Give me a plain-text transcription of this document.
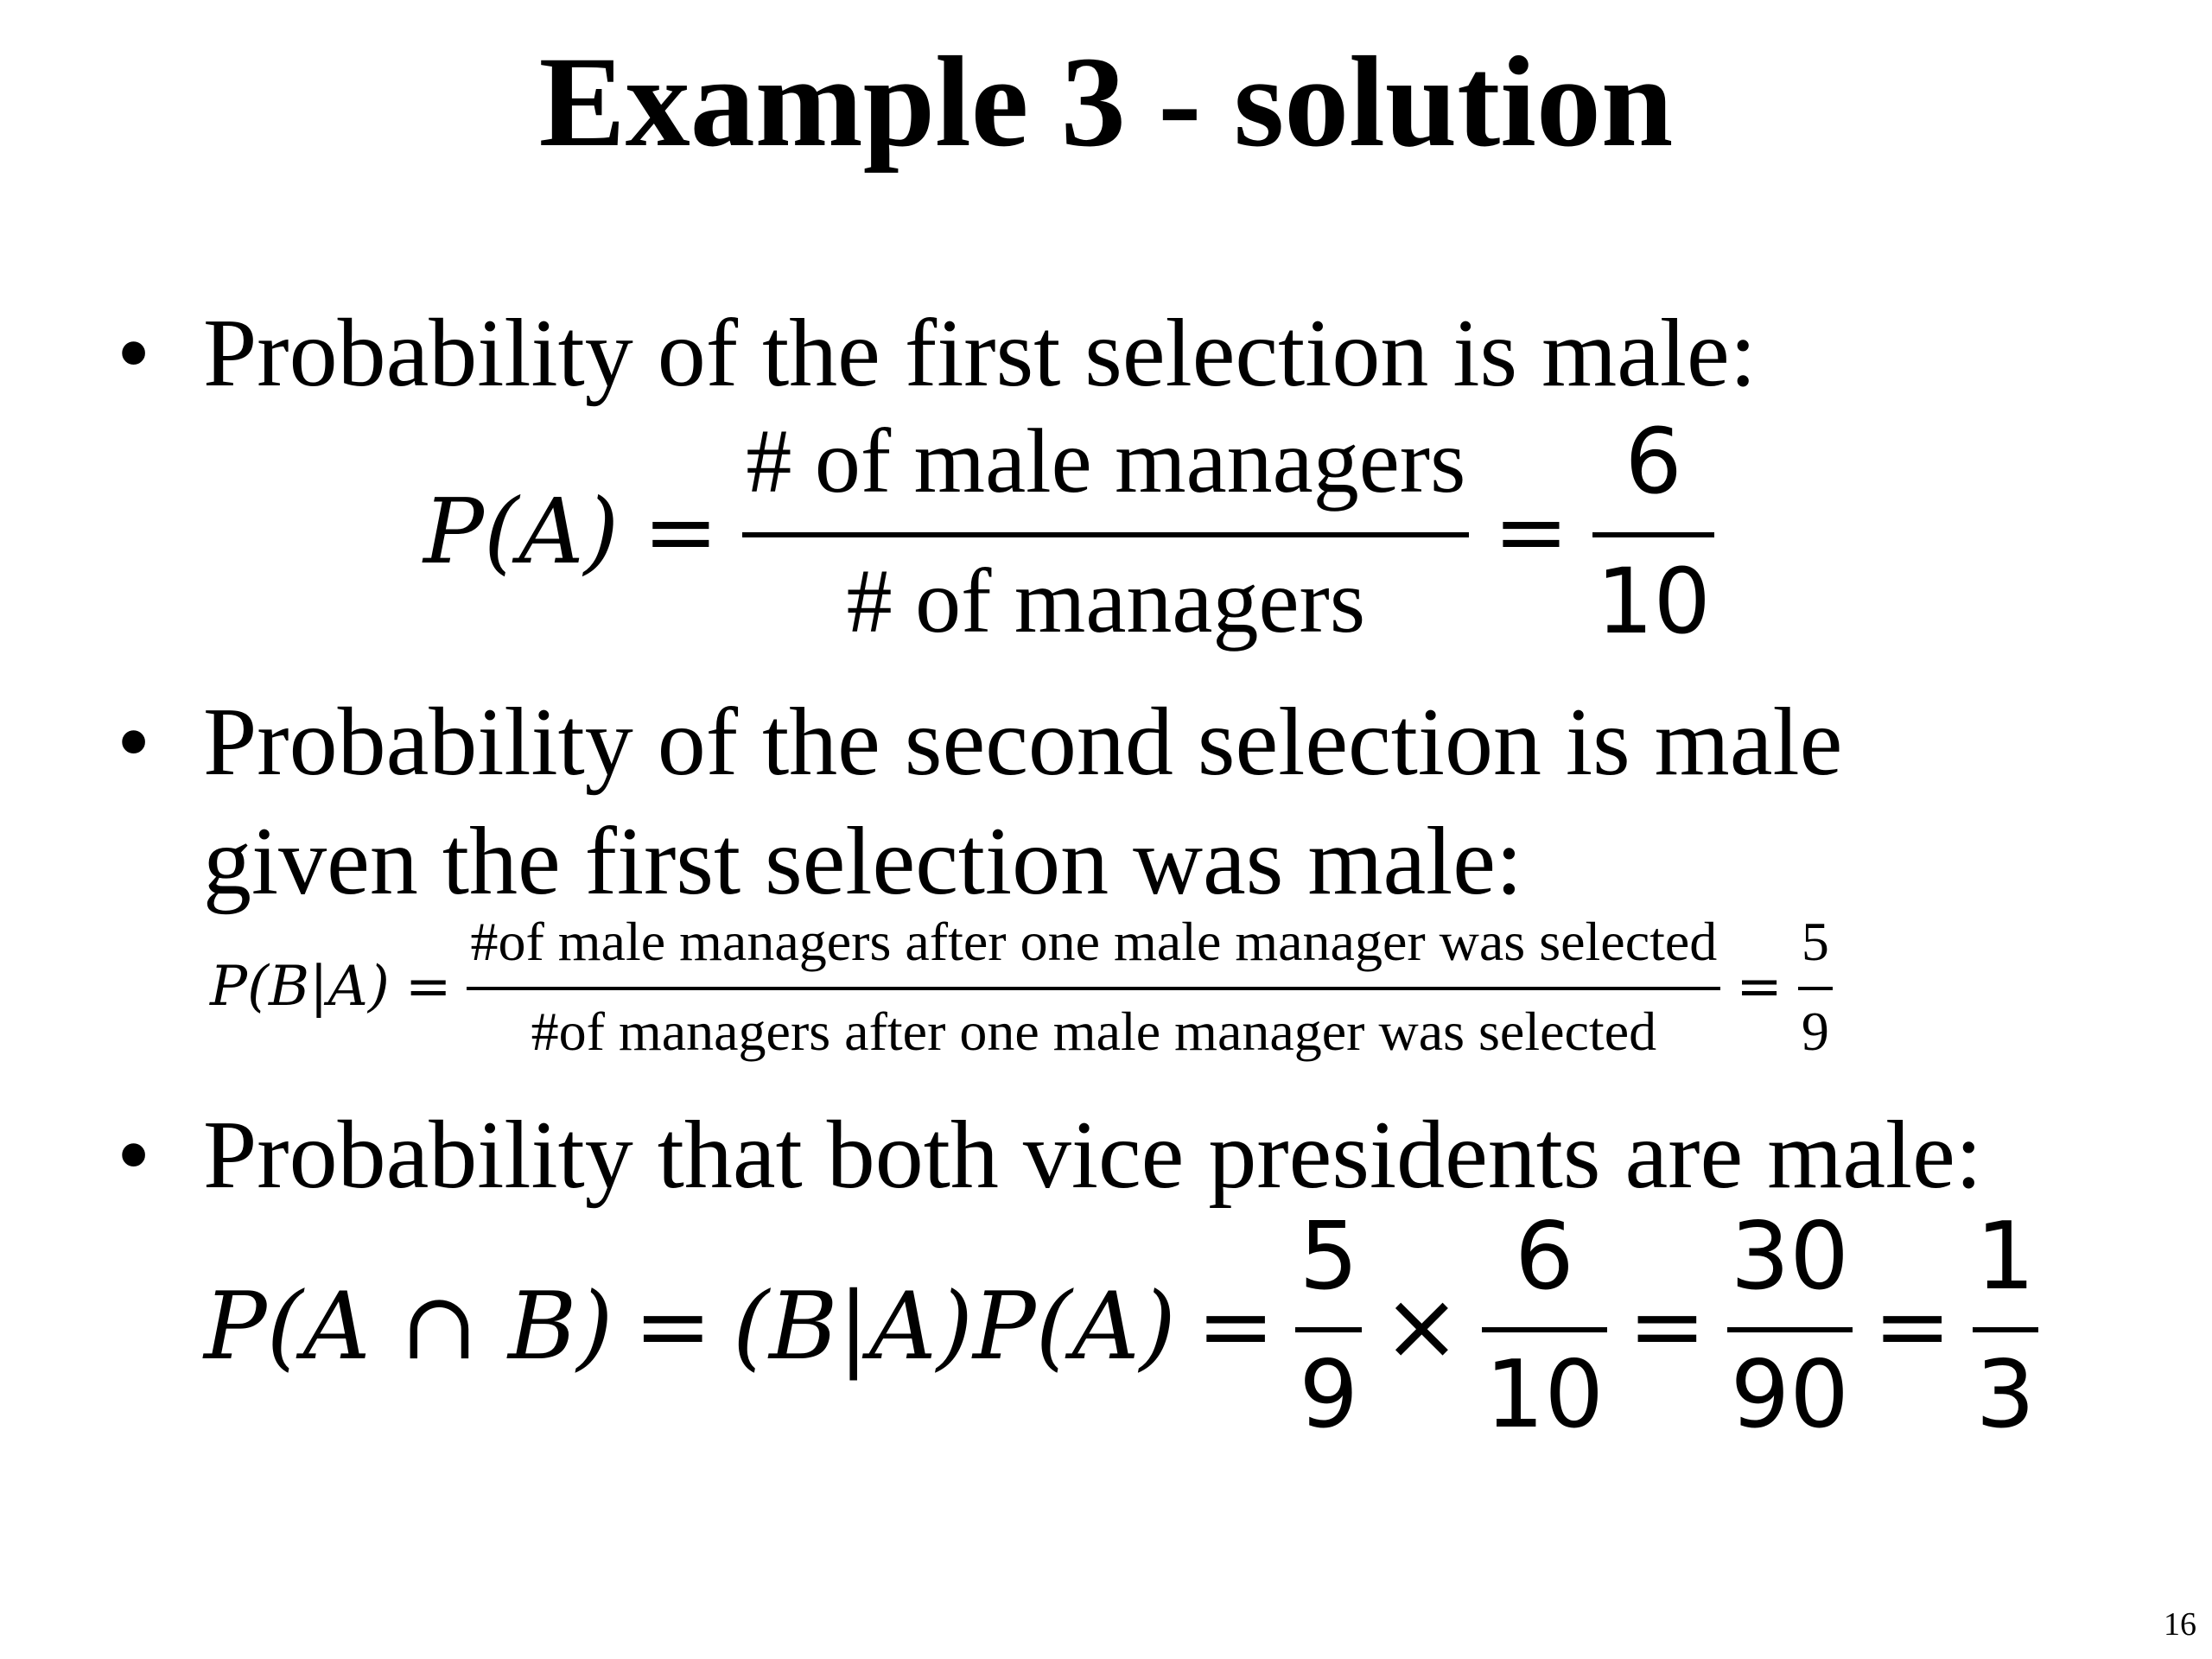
Example 3 - solution
• Probability of the first selection is male:
P(A) =
# of male managers
# of managers
=
6
10
• Probability of the second selection is male
given the first selection was male:
$P(B|A) = \frac{\text{\#of male managers after one male manager was selected}}{\text{\#of managers after one male manager was selected}} = \frac{5}{9}$
• Probability that both vice presidents are male:
P(A ∩ B) = (B|A)P(A) =
5
9
×
6
10
=
30
90
=
1
3
16
